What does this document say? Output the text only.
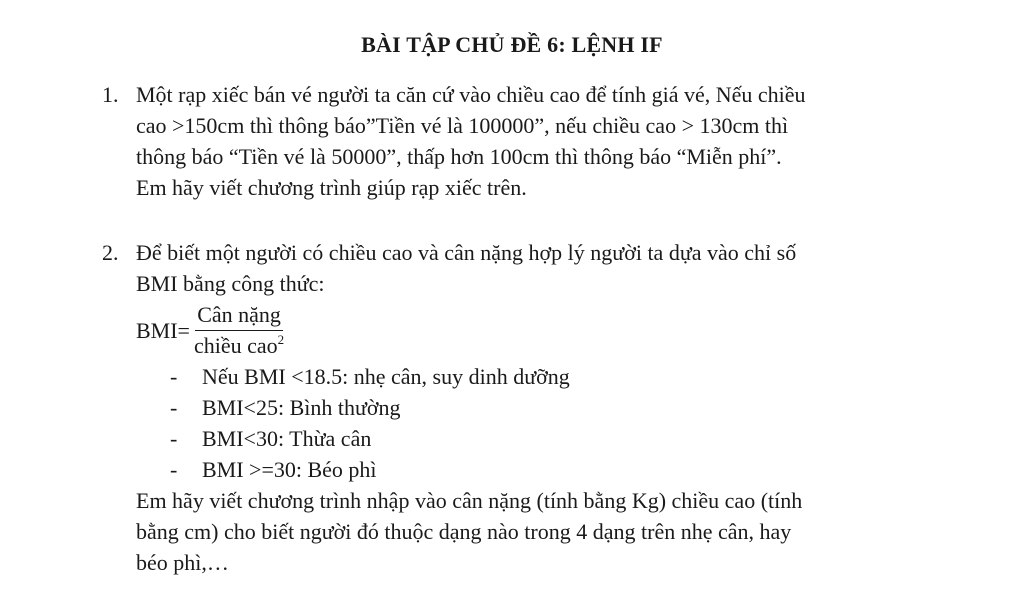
BÀI TẬP CHỦ ĐỀ 6: LỆNH IF
1. Một rạp xiếc bán vé người ta căn cứ vào chiều cao để tính giá vé, Nếu chiều

cao >150cm thì thông báo”Tiền vé là 100000”, nếu chiều cao > 130cm thì

thông báo “Tiền vé là 50000”, thấp hơn 100cm thì thông báo “Miễn phí”.

Em hãy viết chương trình giúp rạp xiếc trên.

2. Để biết một người có chiều cao và cân nặng hợp lý người ta dựa vào chỉ số

BMI bằng công thức:

$BMI= \frac{\text{Cân nặng}}{chiều cao^2}$
- Nếu BMI <18.5: nhẹ cân, suy dinh dưỡng
- BMI<25: Bình thường
- BMI<30: Thừa cân
- BMI >=30: Béo phì

Em hãy viết chương trình nhập vào cân nặng (tính bằng Kg) chiều cao (tính

bằng cm) cho biết người đó thuộc dạng nào trong 4 dạng trên nhẹ cân, hay

béo phì,…
